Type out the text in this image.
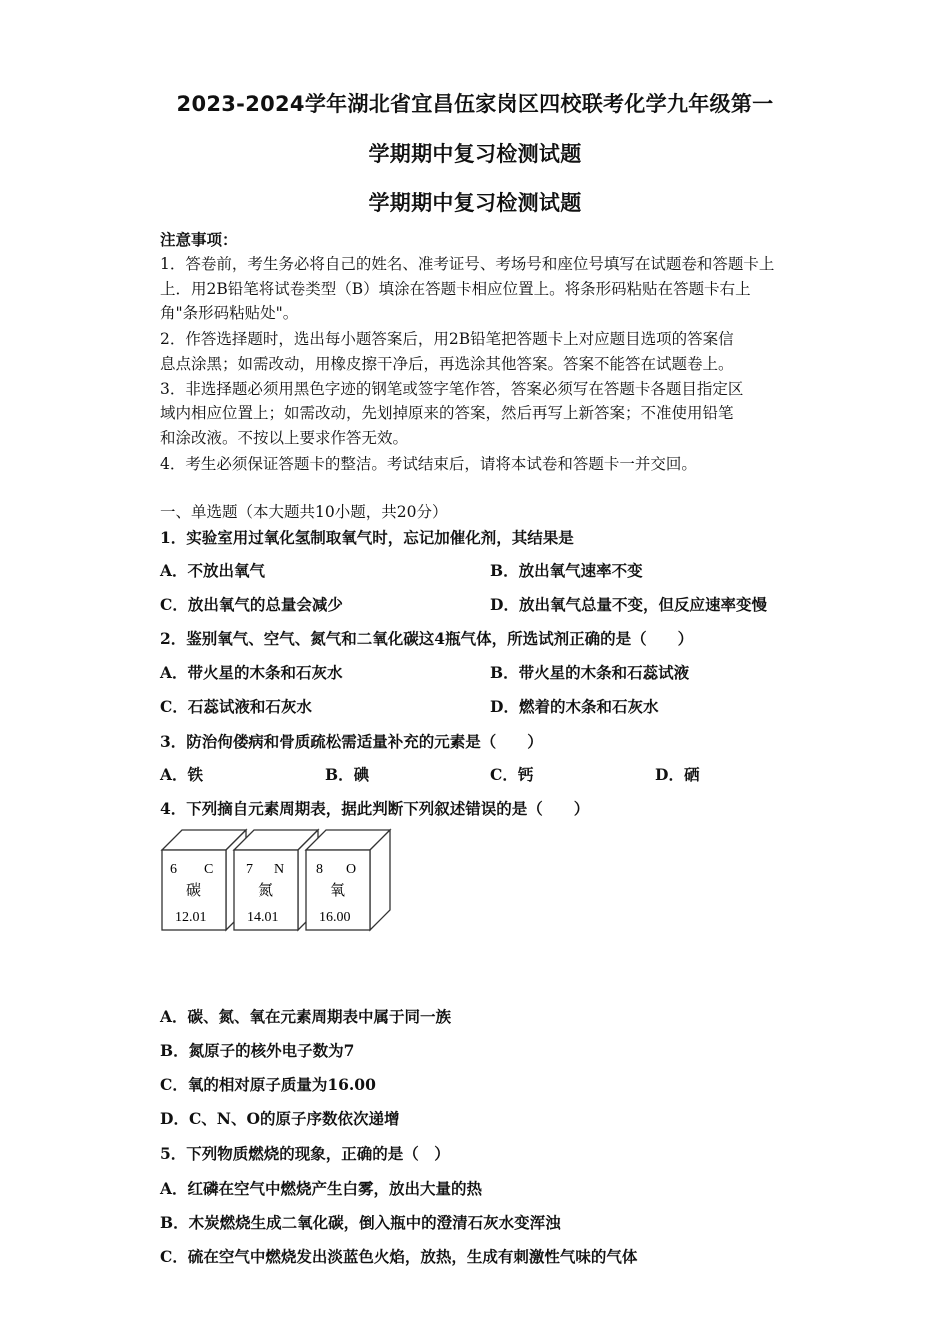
2023-2024学年湖北省宜昌伍家岗区四校联考化学九年级第一
学期期中复习检测试题
学期期中复习检测试题
注意事项：
1．答卷前，考生务必将自己的姓名、准考证号、考场号和座位号填写在试题卷和答题卡上
上．用2B铅笔将试卷类型（B）填涂在答题卡相应位置上。将条形码粘贴在答题卡右上
角"条形码粘贴处"。
2．作答选择题时，选出每小题答案后，用2B铅笔把答题卡上对应题目选项的答案信
息点涂黑；如需改动，用橡皮擦干净后，再选涂其他答案。答案不能答在试题卷上。
3．非选择题必须用黑色字迹的钢笔或签字笔作答，答案必须写在答题卡各题目指定区
域内相应位置上；如需改动，先划掉原来的答案，然后再写上新答案；不准使用铅笔
和涂改液。不按以上要求作答无效。
4．考生必须保证答题卡的整洁。考试结束后，请将本试卷和答题卡一并交回。
一、单选题（本大题共10小题，共20分）
1．实验室用过氧化氢制取氧气时，忘记加催化剂，其结果是
A．不放出氧气	B．放出氧气速率不变
C．放出氧气的总量会减少	D．放出氧气总量不变，但反应速率变慢
2．鉴别氧气、空气、氮气和二氧化碳这4瓶气体，所选试剂正确的是（　　）
A．带火星的木条和石灰水	B．带火星的木条和石蕊试液
C．石蕊试液和石灰水	D．燃着的木条和石灰水
3．防治佝偻病和骨质疏松需适量补充的元素是（　　）
A．铁	B．碘	C．钙	D．硒
4．下列摘自元素周期表，据此判断下列叙述错误的是（　　）
6 C
碳
12.01
7 N
氮
14.01
8 O
氧
16.00
A．碳、氮、氧在元素周期表中属于同一族
B．氮原子的核外电子数为7
C．氧的相对原子质量为16.00
D．C、N、O的原子序数依次递增
5．下列物质燃烧的现象，正确的是（　）
A．红磷在空气中燃烧产生白雾，放出大量的热
B．木炭燃烧生成二氧化碳，倒入瓶中的澄清石灰水变浑浊
C．硫在空气中燃烧发出淡蓝色火焰，放热，生成有刺激性气味的气体
